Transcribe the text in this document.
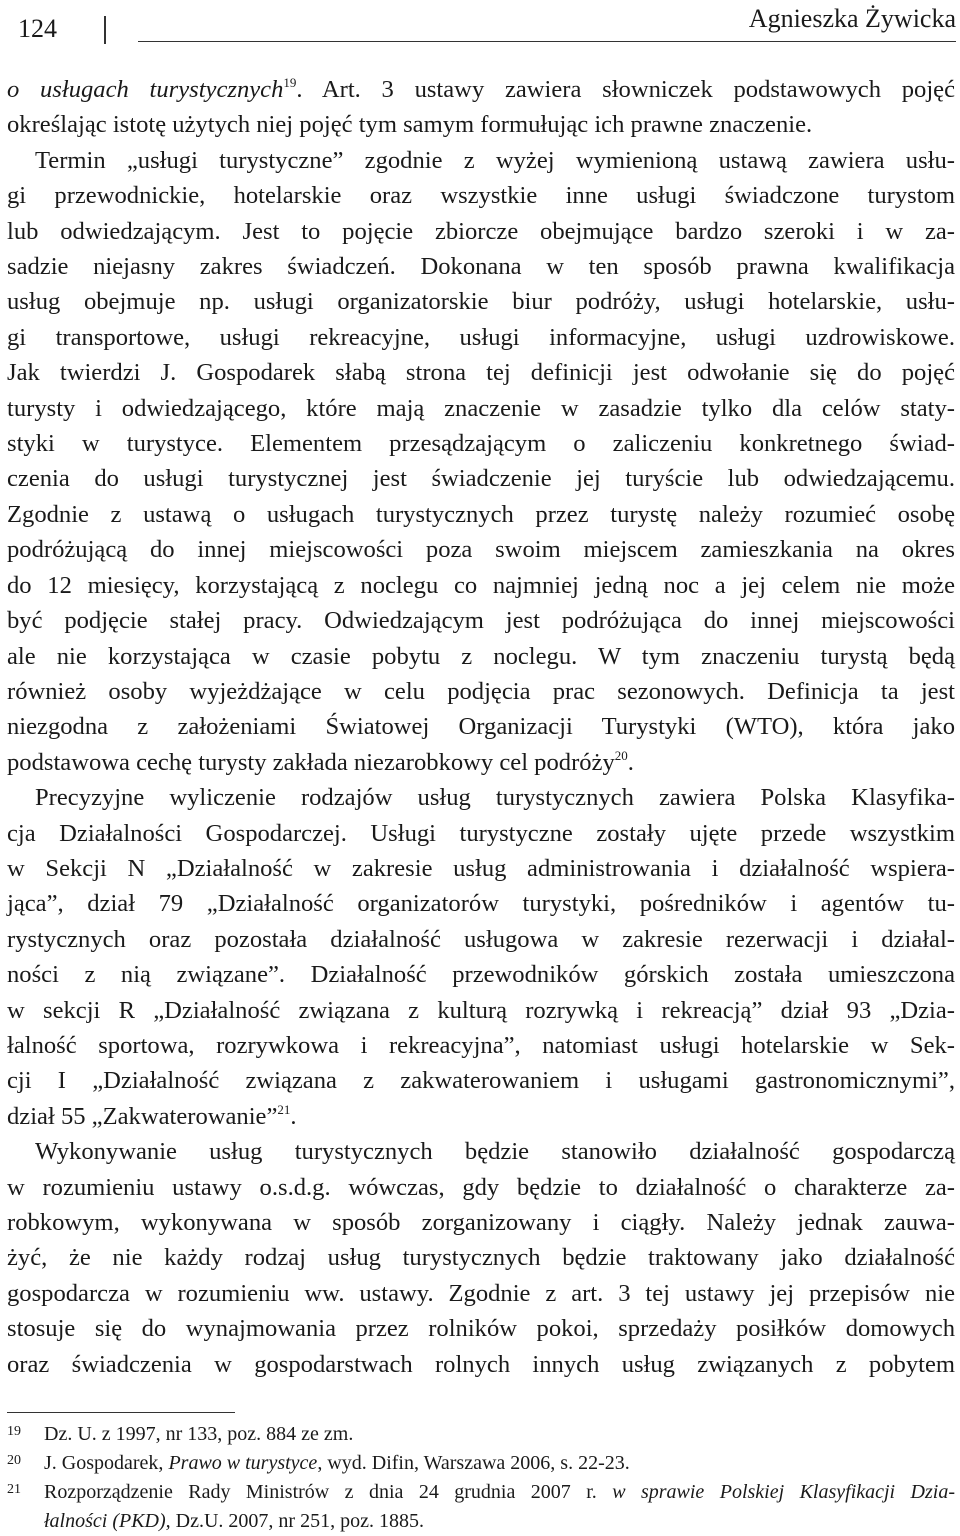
124	Agnieszka Żywicka

o usługach turystycznych$^{19}$. Art. 3 ustawy zawiera słowniczek podstawowych pojęć

określając istotę użytych niej pojęć tym samym formułując ich prawne znaczenie.

Termin „usługi turystyczne” zgodnie z wyżej wymienioną ustawą zawiera usłu-

gi przewodnickie, hotelarskie oraz wszystkie inne usługi świadczone turystom

lub odwiedzającym. Jest to pojęcie zbiorcze obejmujące bardzo szeroki i w za-

sadzie niejasny zakres świadczeń. Dokonana w ten sposób prawna kwalifikacja

usług obejmuje np. usługi organizatorskie biur podróży, usługi hotelarskie, usłu-

gi transportowe, usługi rekreacyjne, usługi informacyjne, usługi uzdrowiskowe.

Jak twierdzi J. Gospodarek słabą strona tej definicji jest odwołanie się do pojęć

turysty i odwiedzającego, które mają znaczenie w zasadzie tylko dla celów staty-

styki w turystyce. Elementem przesądzającym o zaliczeniu konkretnego świad-

czenia do usługi turystycznej jest świadczenie jej turyście lub odwiedzającemu.

Zgodnie z ustawą o usługach turystycznych przez turystę należy rozumieć osobę

podróżującą do innej miejscowości poza swoim miejscem zamieszkania na okres

do 12 miesięcy, korzystającą z noclegu co najmniej jedną noc a jej celem nie może

być podjęcie stałej pracy. Odwiedzającym jest podróżująca do innej miejscowości

ale nie korzystająca w czasie pobytu z noclegu. W tym znaczeniu turystą będą

również osoby wyjeżdżające w celu podjęcia prac sezonowych. Definicja ta jest

niezgodna z założeniami Światowej Organizacji Turystyki (WTO), która jako

podstawowa cechę turysty zakłada niezarobkowy cel podróży$^{20}$.

Precyzyjne wyliczenie rodzajów usług turystycznych zawiera Polska Klasyfika-

cja Działalności Gospodarczej. Usługi turystyczne zostały ujęte przede wszystkim

w Sekcji N „Działalność w zakresie usług administrowania i działalność wspiera-

jąca”, dział 79 „Działalność organizatorów turystyki, pośredników i agentów tu-

rystycznych oraz pozostała działalność usługowa w zakresie rezerwacji i działal-

ności z nią związane”. Działalność przewodników górskich została umieszczona

w sekcji R „Działalność związana z kulturą rozrywką i rekreacją” dział 93 „Dzia-

łalność sportowa, rozrywkowa i rekreacyjna”, natomiast usługi hotelarskie w Sek-

cji I „Działalność związana z zakwaterowaniem i usługami gastronomicznymi”,

dział 55 „Zakwaterowanie”$^{21}$.

Wykonywanie usług turystycznych będzie stanowiło działalność gospodarczą

w rozumieniu ustawy o.s.d.g. wówczas, gdy będzie to działalność o charakterze za-

robkowym, wykonywana w sposób zorganizowany i ciągły. Należy jednak zauwa-

żyć, że nie każdy rodzaj usług turystycznych będzie traktowany jako działalność

gospodarcza w rozumieniu ww. ustawy. Zgodnie z art. 3 tej ustawy jej przepisów nie

stosuje się do wynajmowania przez rolników pokoi, sprzedaży posiłków domowych

oraz świadczenia w gospodarstwach rolnych innych usług związanych z pobytem

19 Dz. U. z 1997, nr 133, poz. 884 ze zm.

20 J. Gospodarek, Prawo w turystyce, wyd. Difin, Warszawa 2006, s. 22-23.

21 Rozporządzenie Rady Ministrów z dnia 24 grudnia 2007 r. w sprawie Polskiej Klasyfikacji Dzia-

łalności (PKD), Dz.U. 2007, nr 251, poz. 1885.
